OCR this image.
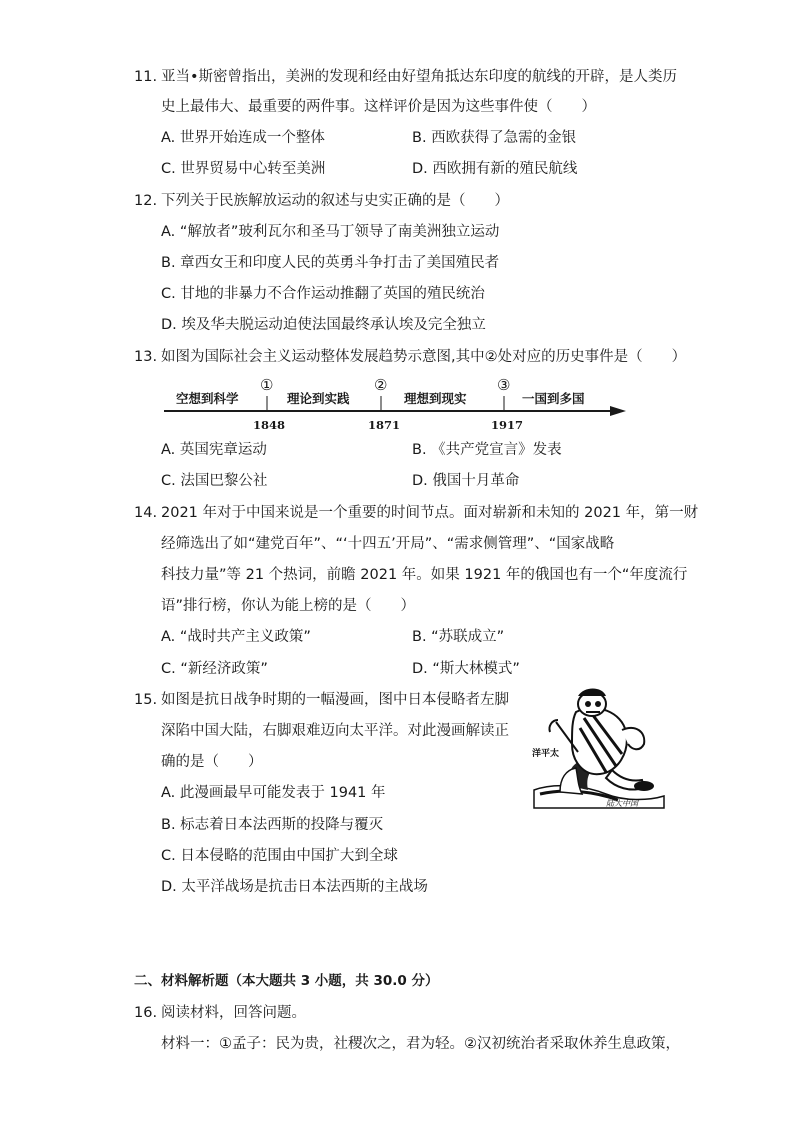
11. 亚当•斯密曾指出，美洲的发现和经由好望角抵达东印度的航线的开辟，是人类历
史上最伟大、最重要的两件事。这样评价是因为这些事件使（　　）
A. 世界开始连成一个整体	B. 西欧获得了急需的金银
C. 世界贸易中心转至美洲	D. 西欧拥有新的殖民航线
12. 下列关于民族解放运动的叙述与史实正确的是（　　）
A. “解放者”玻利瓦尔和圣马丁领导了南美洲独立运动
B. 章西女王和印度人民的英勇斗争打击了美国殖民者
C. 甘地的非暴力不合作运动推翻了英国的殖民统治
D. 埃及华夫脱运动迫使法国最终承认埃及完全独立
13. 如图为国际社会主义运动整体发展趋势示意图,其中②处对应的历史事件是（　　）
空想到科学	理论到实践	理想到现实	一国到多国
①	②	③
1848	1871	1917
A. 英国宪章运动	B. 《共产党宣言》发表
C. 法国巴黎公社	D. 俄国十月革命
14. 2021 年对于中国来说是一个重要的时间节点。面对崭新和未知的 2021 年，第一财
经筛选出了如“建党百年”、“‘十四五’开局”、“需求侧管理”、“国家战略
科技力量”等 21 个热词，前瞻 2021 年。如果 1921 年的俄国也有一个“年度流行
语”排行榜，你认为能上榜的是（　　）
A. “战时共产主义政策”	B. “苏联成立”
C. “新经济政策”	D. “斯大林模式”
15. 如图是抗日战争时期的一幅漫画，图中日本侵略者左脚
深陷中国大陆，右脚艰难迈向太平洋。对此漫画解读正
确的是（　　）
A. 此漫画最早可能发表于 1941 年
B. 标志着日本法西斯的投降与覆灭
C. 日本侵略的范围由中国扩大到全球
D. 太平洋战场是抗击日本法西斯的主战场
洋平太
陆大中国
二、材料解析题（本大题共 3 小题，共 30.0 分）
16. 阅读材料，回答问题。
材料一：①孟子：民为贵，社稷次之，君为轻。②汉初统治者采取休养生息政策，
